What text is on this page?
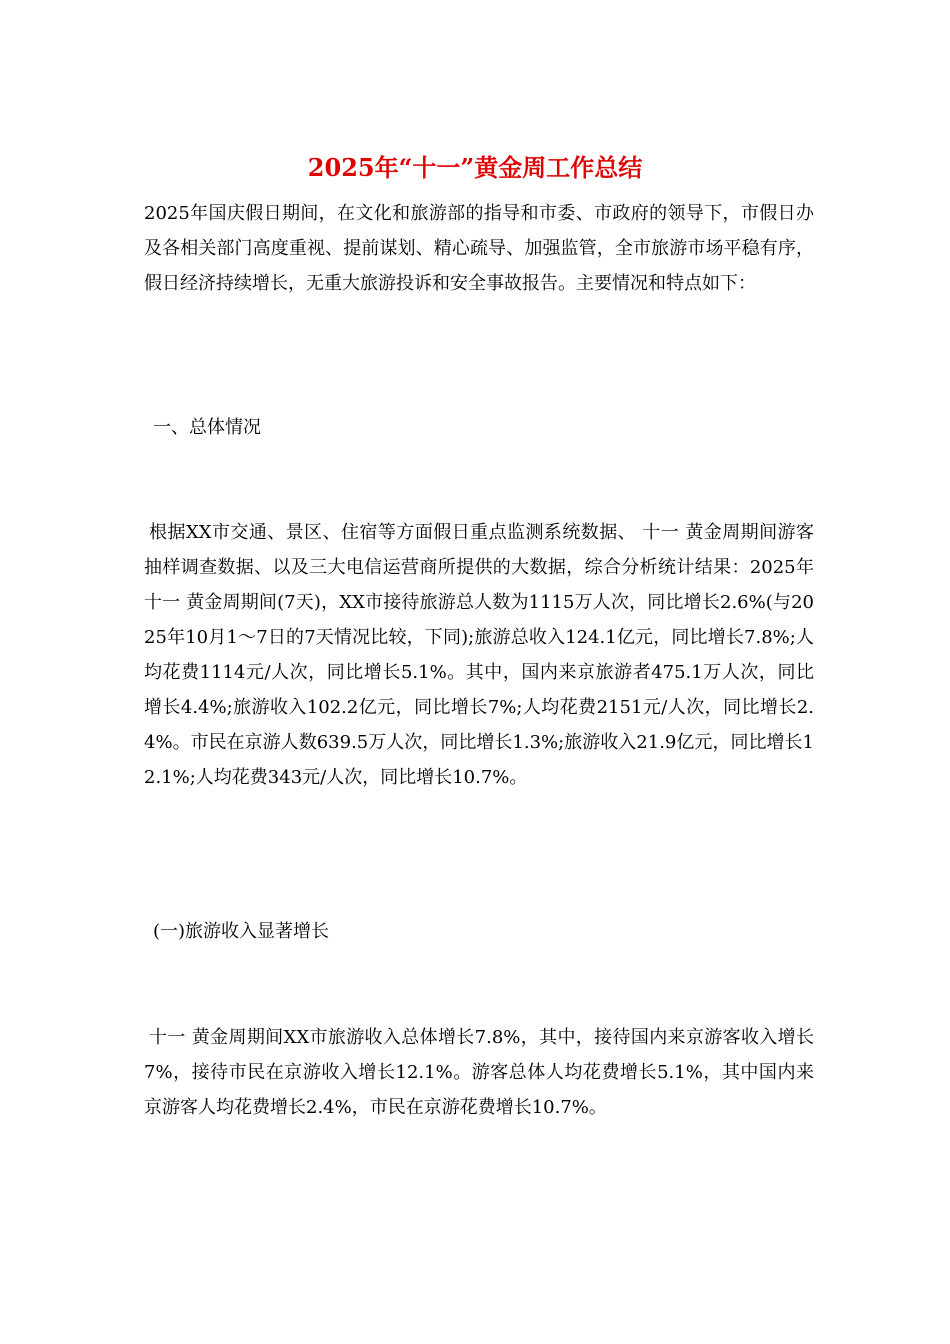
2025年“十一”黄金周工作总结

2025年国庆假日期间，在文化和旅游部的指导和市委、市政府的领导下，市假日办及各相关部门高度重视、提前谋划、精心疏导、加强监管，全市旅游市场平稳有序，假日经济持续增长，无重大旅游投诉和安全事故报告。主要情况和特点如下：

一、总体情况

根据XX市交通、景区、住宿等方面假日重点监测系统数据、 十一 黄金周期间游客抽样调查数据、以及三大电信运营商所提供的大数据，综合分析统计结果：2025年 十一 黄金周期间(7天)，XX市接待旅游总人数为1115万人次，同比增长2.6%(与2025年10月1～7日的7天情况比较，下同);旅游总收入124.1亿元，同比增长7.8%;人均花费1114元/人次，同比增长5.1%。其中，国内来京旅游者475.1万人次，同比增长4.4%;旅游收入102.2亿元，同比增长7%;人均花费2151元/人次，同比增长2.4%。市民在京游人数639.5万人次，同比增长1.3%;旅游收入21.9亿元，同比增长12.1%;人均花费343元/人次，同比增长10.7%。

(一)旅游收入显著增长

十一 黄金周期间XX市旅游收入总体增长7.8%，其中，接待国内来京游客收入增长7%，接待市民在京游收入增长12.1%。游客总体人均花费增长5.1%，其中国内来京游客人均花费增长2.4%，市民在京游花费增长10.7%。
